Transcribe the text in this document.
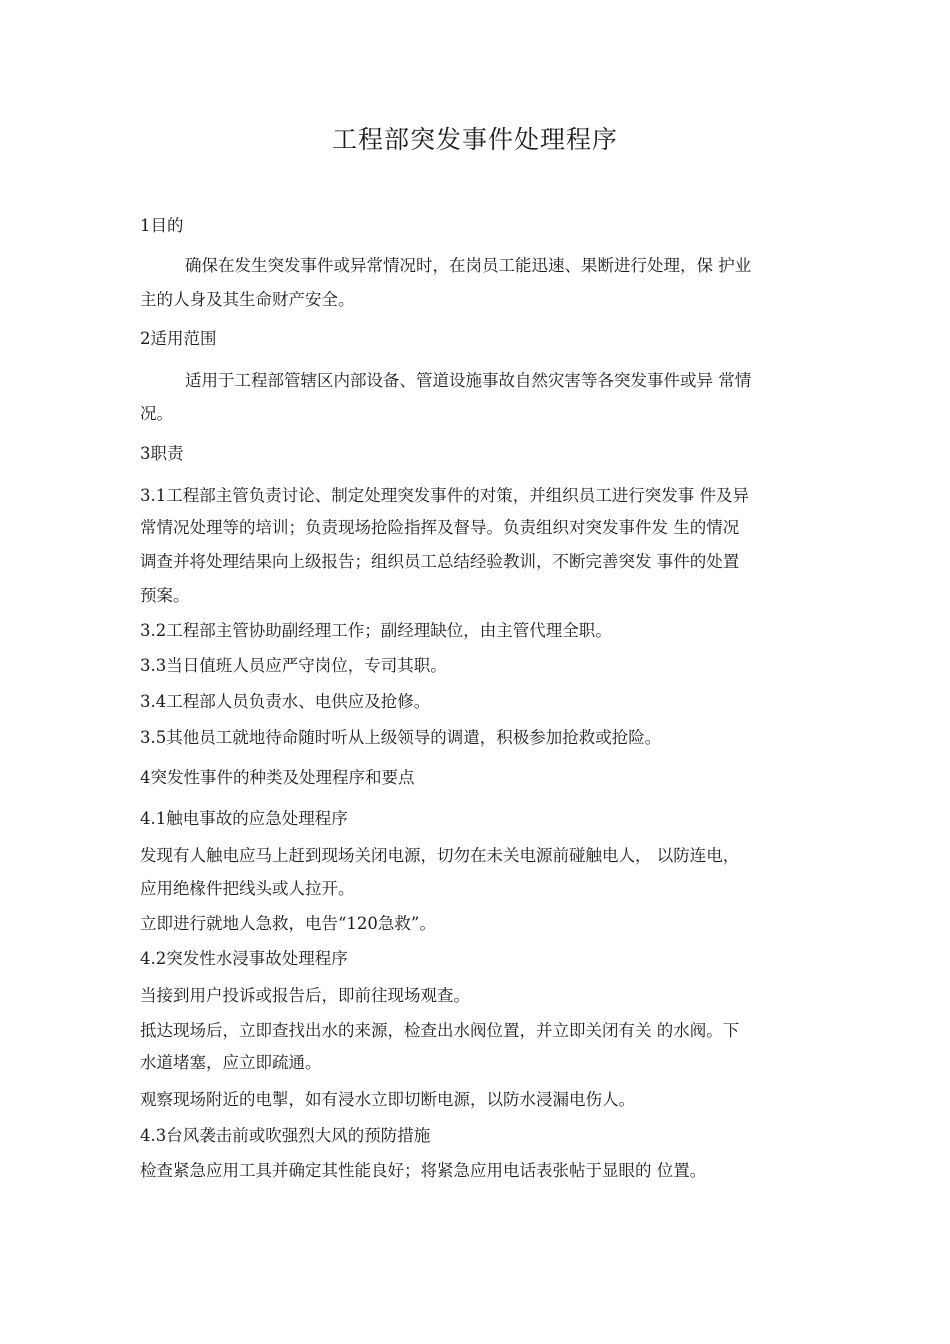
工程部突发事件处理程序
1目的
确保在发生突发事件或异常情况时，在岗员工能迅速、果断进行处理，保 护业
主的人身及其生命财产安全。
2适用范围
适用于工程部管辖区内部设备、管道设施事故自然灾害等各突发事件或异 常情
况。
3职责
3.1工程部主管负责讨论、制定处理突发事件的对策，并组织员工进行突发事 件及异
常情况处理等的培训；负责现场抢险指挥及督导。负责组织对突发事件发 生的情况
调查并将处理结果向上级报告；组织员工总结经验教训，不断完善突发 事件的处置
预案。
3.2工程部主管协助副经理工作；副经理缺位，由主管代理全职。
3.3当日值班人员应严守岗位，专司其职。
3.4工程部人员负责水、电供应及抢修。
3.5其他员工就地待命随时听从上级领导的调遣，积极参加抢救或抢险。
4突发性事件的种类及处理程序和要点
4.1触电事故的应急处理程序
发现有人触电应马上赶到现场关闭电源，切勿在未关电源前碰触电人， 以防连电，
应用绝椽件把线头或人拉开。
立即进行就地人急救，电告“120急救”。
4.2突发性水浸事故处理程序
当接到用户投诉或报告后，即前往现场观查。
抵达现场后，立即查找出水的来源，检查出水阀位置，并立即关闭有关 的水阀。下
水道堵塞，应立即疏通。
观察现场附近的电掣，如有浸水立即切断电源，以防水浸漏电伤人。
4.3台风袭击前或吹强烈大风的预防措施
检查紧急应用工具并确定其性能良好；将紧急应用电话表张帖于显眼的 位置。
